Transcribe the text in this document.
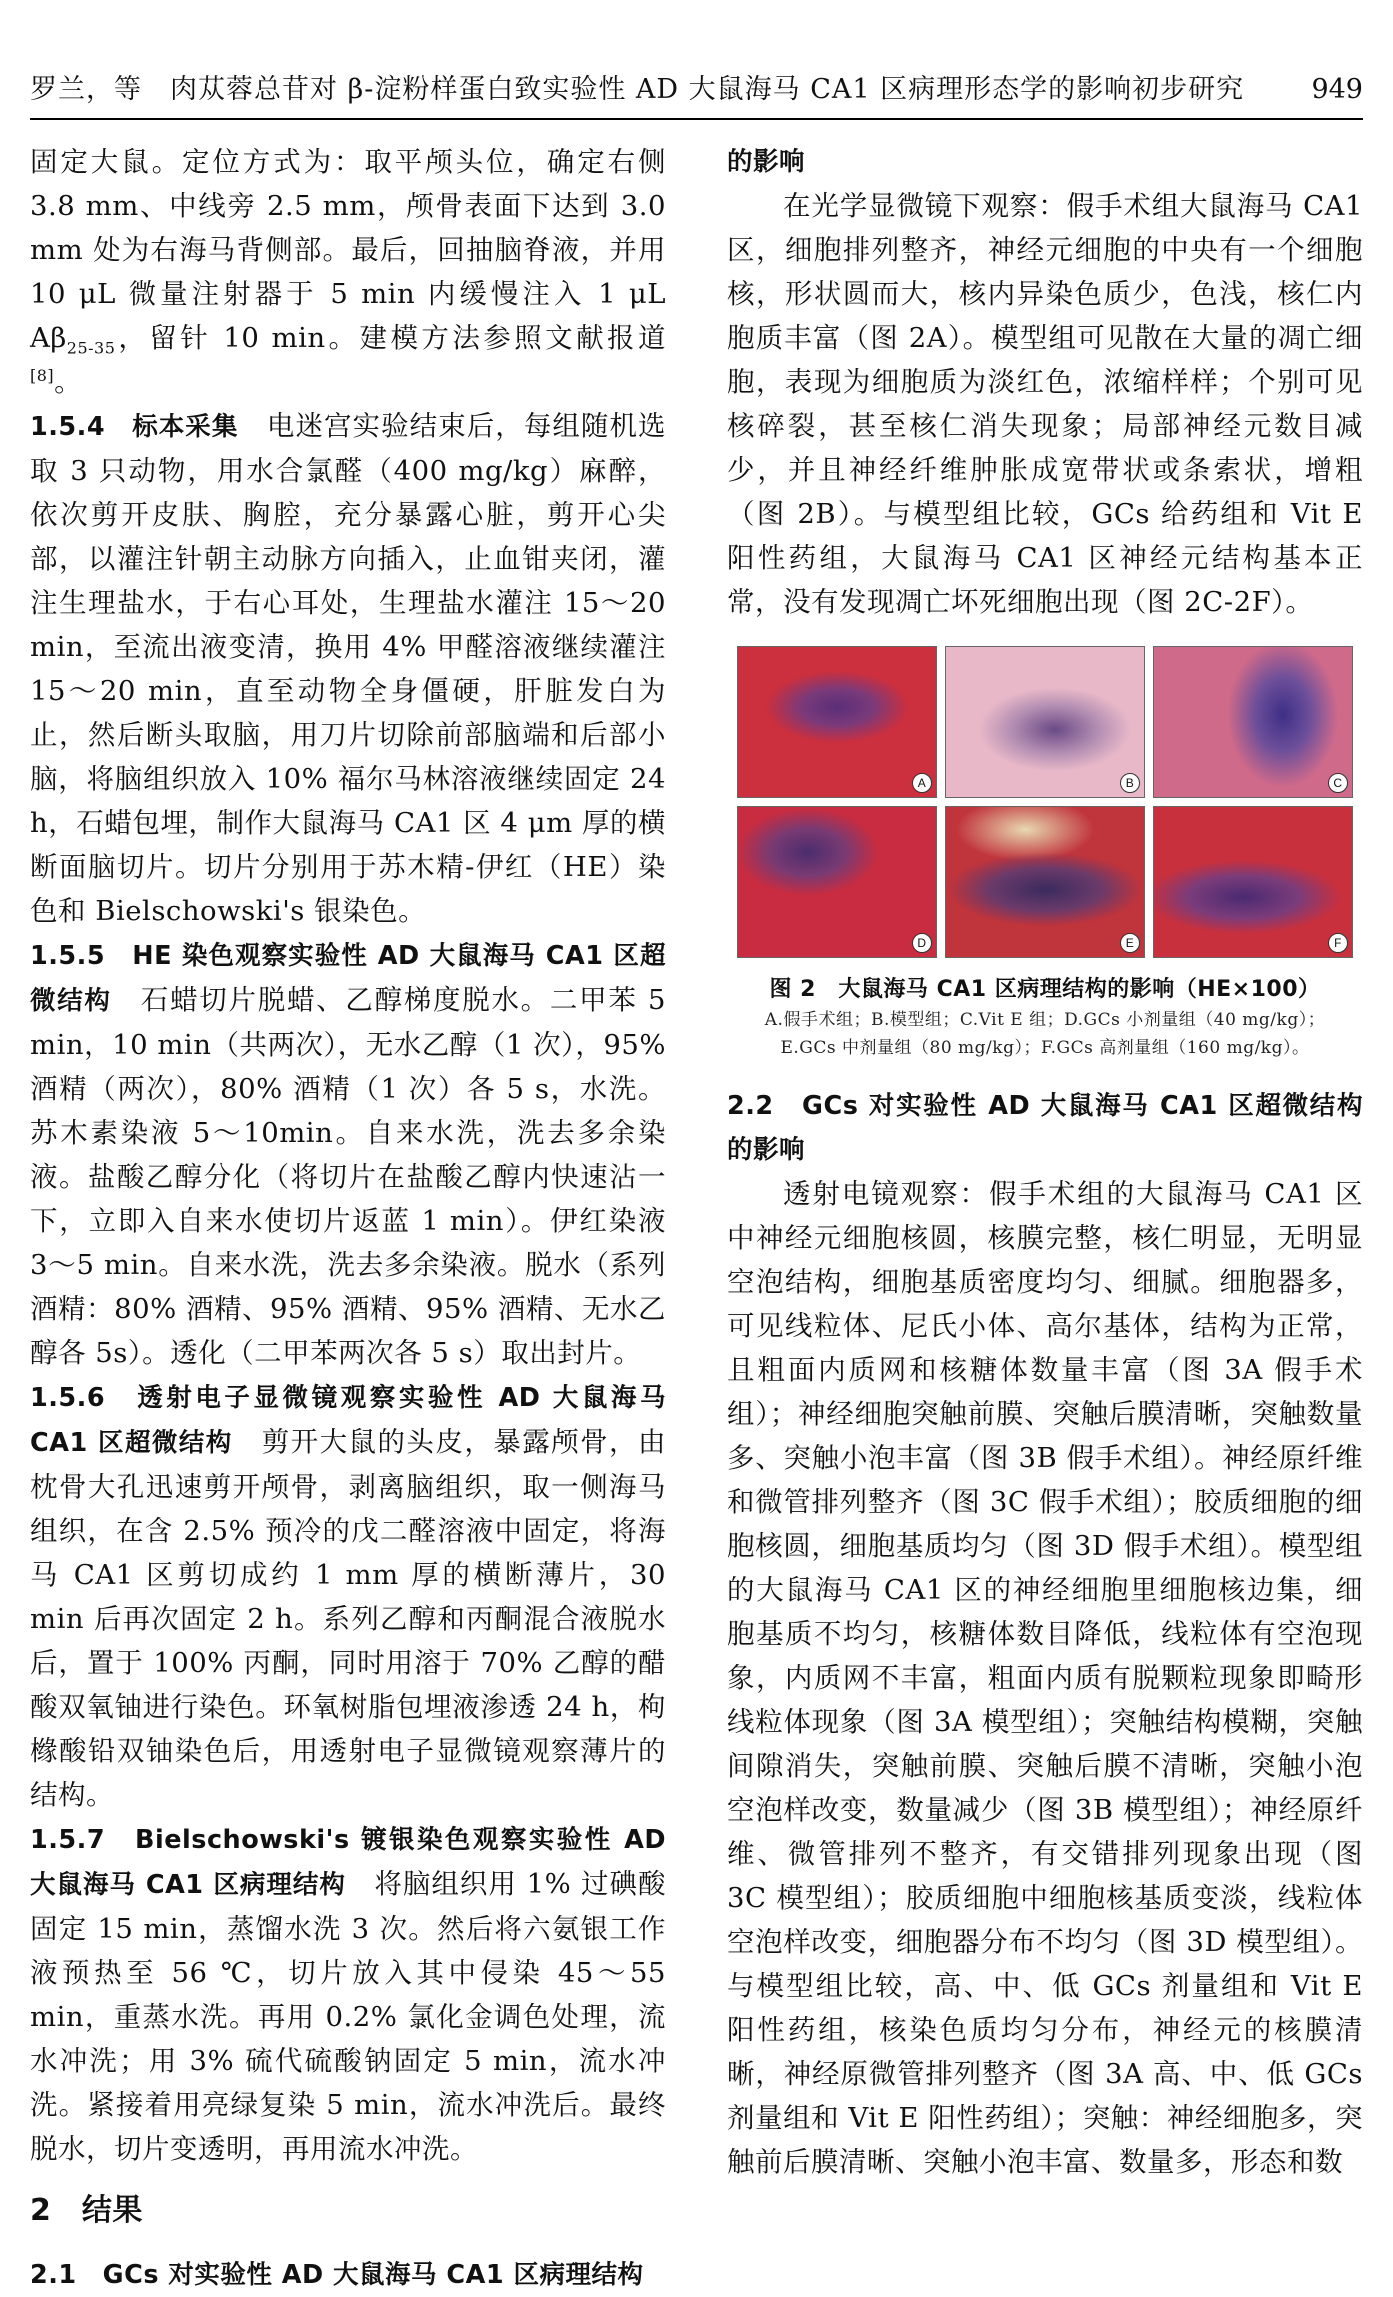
罗兰，等　肉苁蓉总苷对 β-淀粉样蛋白致实验性 AD 大鼠海马 CA1 区病理形态学的影响初步研究 949

固定大鼠。定位方式为：取平颅头位，确定右侧 3.8 mm、中线旁 2.5 mm，颅骨表面下达到 3.0 mm 处为右海马背侧部。最后，回抽脑脊液，并用 10 μL 微量注射器于 5 min 内缓慢注入 1 μL $A\beta_{25-35}$，留针 10 min。建模方法参照文献报道[8]。

1.5.4　标本采集　 电迷宫实验结束后，每组随机选取 3 只动物，用水合氯醛（400 mg/kg）麻醉，依次剪开皮肤、胸腔，充分暴露心脏，剪开心尖部，以灌注针朝主动脉方向插入，止血钳夹闭，灌注生理盐水，于右心耳处，生理盐水灌注 15～20 min，至流出液变清，换用 4% 甲醛溶液继续灌注 15～20 min，直至动物全身僵硬，肝脏发白为止，然后断头取脑，用刀片切除前部脑端和后部小脑，将脑组织放入 10% 福尔马林溶液继续固定 24 h，石蜡包埋，制作大鼠海马 CA1 区 4 μm 厚的横断面脑切片。切片分别用于苏木精-伊红（HE）染色和 Bielschowski's 银染色。

1.5.5　HE 染色观察实验性 AD 大鼠海马 CA1 区超微结构　 石蜡切片脱蜡、乙醇梯度脱水。二甲苯 5 min，10 min（共两次），无水乙醇（1 次），95% 酒精（两次），80% 酒精（1 次）各 5 s，水洗。苏木素染液 5～10min。自来水洗，洗去多余染液。盐酸乙醇分化（将切片在盐酸乙醇内快速沾一下，立即入自来水使切片返蓝 1 min）。伊红染液 3～5 min。自来水洗，洗去多余染液。脱水（系列酒精：80% 酒精、95% 酒精、95% 酒精、无水乙醇各 5s）。透化（二甲苯两次各 5 s）取出封片。

1.5.6　透射电子显微镜观察实验性 AD 大鼠海马 CA1 区超微结构　 剪开大鼠的头皮，暴露颅骨，由枕骨大孔迅速剪开颅骨，剥离脑组织，取一侧海马组织，在含 2.5% 预冷的戊二醛溶液中固定，将海马 CA1 区剪切成约 1 mm 厚的横断薄片，30 min 后再次固定 2 h。系列乙醇和丙酮混合液脱水后，置于 100% 丙酮，同时用溶于 70% 乙醇的醋酸双氧铀进行染色。环氧树脂包埋液渗透 24 h，枸橼酸铅双铀染色后，用透射电子显微镜观察薄片的结构。

1.5.7　Bielschowski's 镀银染色观察实验性 AD 大鼠海马 CA1 区病理结构　 将脑组织用 1% 过碘酸固定 15 min，蒸馏水洗 3 次。然后将六氨银工作液预热至 56 ℃，切片放入其中侵染 45～55 min，重蒸水洗。再用 0.2% 氯化金调色处理，流水冲洗；用 3% 硫代硫酸钠固定 5 min，流水冲洗。紧接着用亮绿复染 5 min，流水冲洗后。最终脱水，切片变透明，再用流水冲洗。

2　结果

2.1　GCs 对实验性 AD 大鼠海马 CA1 区病理结构

的影响

在光学显微镜下观察：假手术组大鼠海马 CA1 区，细胞排列整齐，神经元细胞的中央有一个细胞核，形状圆而大，核内异染色质少，色浅，核仁内胞质丰富（图 2A）。模型组可见散在大量的凋亡细胞，表现为细胞质为淡红色，浓缩样样；个别可见核碎裂，甚至核仁消失现象；局部神经元数目减少，并且神经纤维肿胀成宽带状或条索状，增粗（图 2B）。与模型组比较，GCs 给药组和 Vit E 阳性药组，大鼠海马 CA1 区神经元结构基本正常，没有发现凋亡坏死细胞出现（图 2C-2F）。

A	B	C
D	E	F
图 2　大鼠海马 CA1 区病理结构的影响（HE×100）
A.假手术组；B.模型组；C.Vit E 组；D.GCs 小剂量组（40 mg/kg）；
E.GCs 中剂量组（80 mg/kg）；F.GCs 高剂量组（160 mg/kg）。

2.2　GCs 对实验性 AD 大鼠海马 CA1 区超微结构的影响

透射电镜观察：假手术组的大鼠海马 CA1 区中神经元细胞核圆，核膜完整，核仁明显，无明显空泡结构，细胞基质密度均匀、细腻。细胞器多，可见线粒体、尼氏小体、高尔基体，结构为正常，且粗面内质网和核糖体数量丰富（图 3A 假手术组）；神经细胞突触前膜、突触后膜清晰，突触数量多、突触小泡丰富（图 3B 假手术组）。神经原纤维和微管排列整齐（图 3C 假手术组）；胶质细胞的细胞核圆，细胞基质均匀（图 3D 假手术组）。模型组的大鼠海马 CA1 区的神经细胞里细胞核边集，细胞基质不均匀，核糖体数目降低，线粒体有空泡现象，内质网不丰富，粗面内质有脱颗粒现象即畸形线粒体现象（图 3A 模型组）；突触结构模糊，突触间隙消失，突触前膜、突触后膜不清晰，突触小泡空泡样改变，数量减少（图 3B 模型组）；神经原纤维、微管排列不整齐，有交错排列现象出现（图 3C 模型组）；胶质细胞中细胞核基质变淡，线粒体空泡样改变，细胞器分布不均匀（图 3D 模型组）。与模型组比较，高、中、低 GCs 剂量组和 Vit E 阳性药组，核染色质均匀分布，神经元的核膜清晰，神经原微管排列整齐（图 3A 高、中、低 GCs 剂量组和 Vit E 阳性药组）；突触：神经细胞多，突触前后膜清晰、突触小泡丰富、数量多，形态和数
